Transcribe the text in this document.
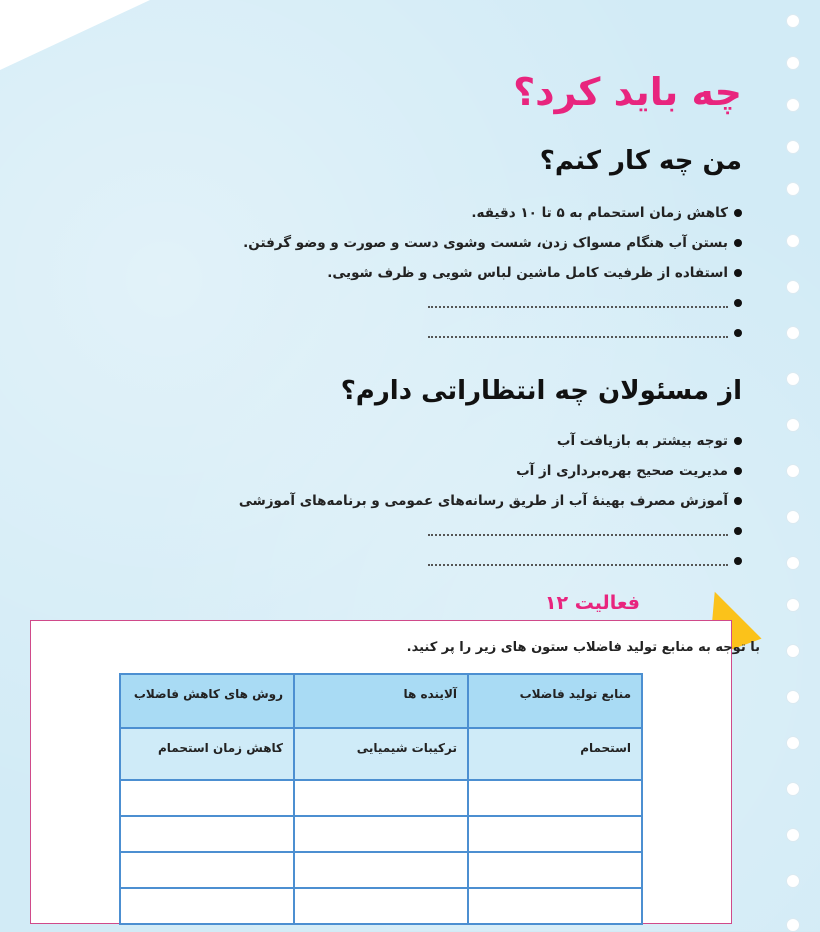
چه باید کرد؟
من چه کار کنم؟
کاهش زمان استحمام به ۵ تا ۱۰ دقیقه.
بستن آب هنگام مسواک زدن، شست وشوی دست و صورت و وضو گرفتن.
استفاده از ظرفیت کامل ماشین لباس شویی و ظرف شویی.
از مسئولان چه انتظاراتی دارم؟
توجه بیشتر به بازیافت آب
مدیریت صحیح بهره‌برداری از آب
آموزش مصرف بهینهٔ آب از طریق رسانه‌های عمومی و برنامه‌های آموزشی
فعالیت ۱۲
با توجه به منابع تولید فاضلاب ستون های زیر را پر کنید.
منابع تولید فاضلاب	آلاینده ها	روش های کاهش فاضلاب
استحمام	ترکیبات شیمیایی	کاهش زمان استحمام
